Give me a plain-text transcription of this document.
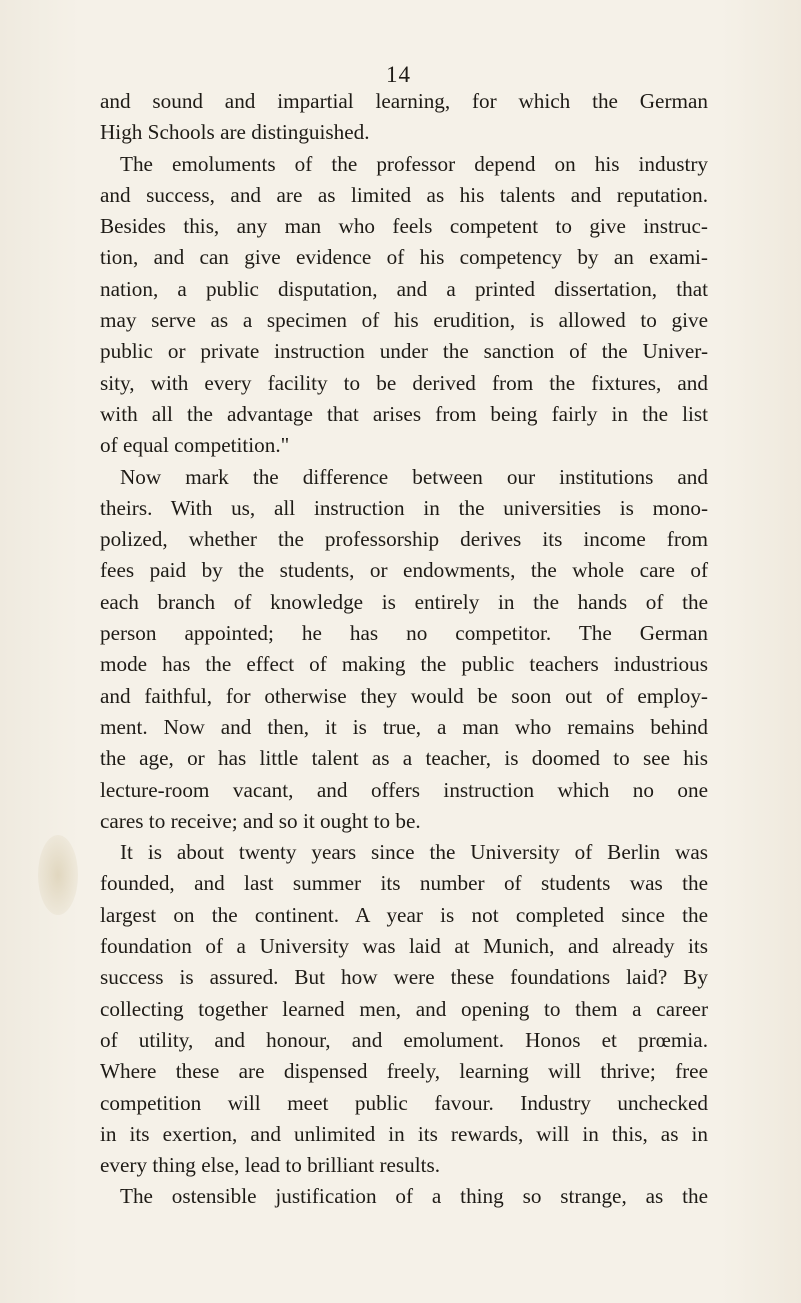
14
and sound and impartial learning, for which the German
High Schools are distinguished.
The emoluments of the professor depend on his industry
and success, and are as limited as his talents and reputation.
Besides this, any man who feels competent to give instruc-
tion, and can give evidence of his competency by an exami-
nation, a public disputation, and a printed dissertation, that
may serve as a specimen of his erudition, is allowed to give
public or private instruction under the sanction of the Univer-
sity, with every facility to be derived from the fixtures, and
with all the advantage that arises from being fairly in the list
of equal competition."
Now mark the difference between our institutions and
theirs. With us, all instruction in the universities is mono-
polized, whether the professorship derives its income from
fees paid by the students, or endowments, the whole care of
each branch of knowledge is entirely in the hands of the
person appointed; he has no competitor. The German
mode has the effect of making the public teachers industrious
and faithful, for otherwise they would be soon out of employ-
ment. Now and then, it is true, a man who remains behind
the age, or has little talent as a teacher, is doomed to see his
lecture-room vacant, and offers instruction which no one
cares to receive; and so it ought to be.
It is about twenty years since the University of Berlin was
founded, and last summer its number of students was the
largest on the continent. A year is not completed since the
foundation of a University was laid at Munich, and already its
success is assured. But how were these foundations laid? By
collecting together learned men, and opening to them a career
of utility, and honour, and emolument. Honos et prœmia.
Where these are dispensed freely, learning will thrive; free
competition will meet public favour. Industry unchecked
in its exertion, and unlimited in its rewards, will in this, as in
every thing else, lead to brilliant results.
The ostensible justification of a thing so strange, as the
